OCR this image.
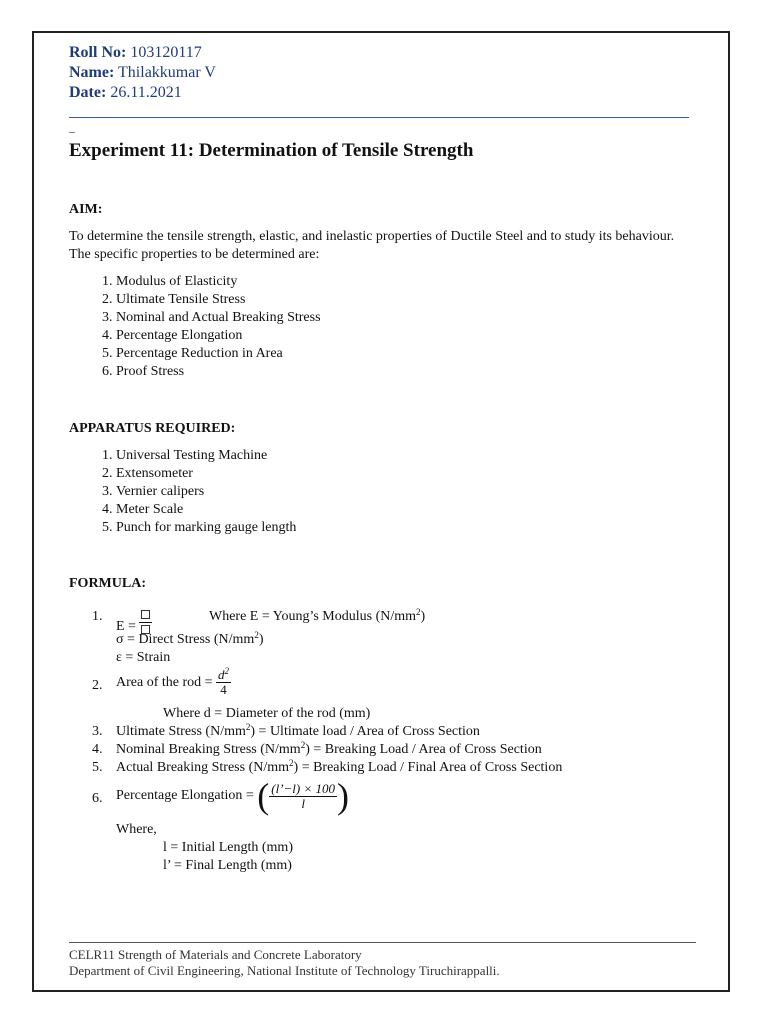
Roll No: 103120117
Name: Thilakkumar V
Date: 26.11.2021
_
Experiment 11: Determination of Tensile Strength
AIM:

To determine the tensile strength, elastic, and inelastic properties of Ductile Steel and to study its behaviour. The specific properties to be determined are:

1. Modulus of Elasticity
2. Ultimate Tensile Stress
3. Nominal and Actual Breaking Stress
4. Percentage Elongation
5. Percentage Reduction in Area
6. Proof Stress
APPARATUS REQUIRED:
1. Universal Testing Machine
2. Extensometer
3. Vernier calipers
4. Meter Scale
5. Punch for marking gauge length
FORMULA:
1.
E =
Where E = Young’s Modulus $(N/mm^2)$
σ = Direct Stress $(N/mm^2)$
ε = Strain
2. Area of the rod = $\frac{d^2}{4}$
Where d = Diameter of the rod (mm)
3. Ultimate Stress $(N/mm^2)$ = Ultimate load / Area of Cross Section
4. Nominal Breaking Stress $(N/mm^2)$ = Breaking Load / Area of Cross Section
5. Actual Breaking Stress $(N/mm^2)$ = Breaking Load / Final Area of Cross Section
6. Percentage Elongation = ( $\frac{(l’-l) \times 100}{l}$ )
Where,
l = Initial Length (mm)
l’ = Final Length (mm)
CELR11 Strength of Materials and Concrete Laboratory
Department of Civil Engineering, National Institute of Technology Tiruchirappalli.
